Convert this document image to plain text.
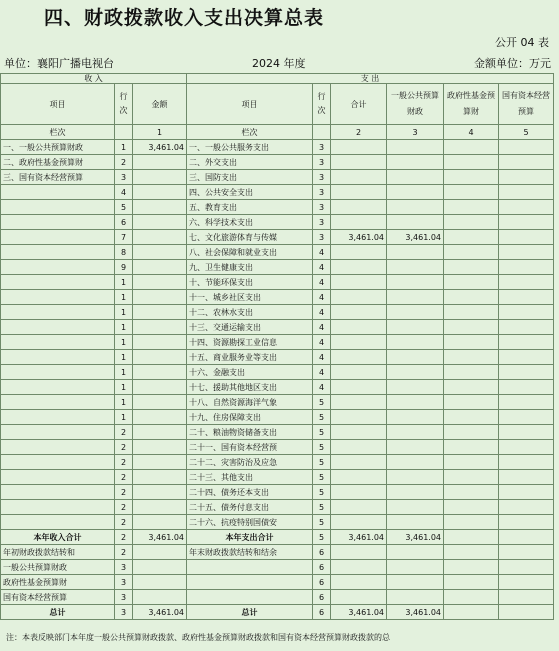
四、财政拨款收入支出决算总表
公开 04 表
单位：襄阳广播电视台	2024 年度	金额单位：万元
收 入			支 出					
项目	行次	金额	项目	行次	合计	一般公共预算财政	政府性基金预算财	国有资本经营预算
栏次		1	栏次		2	3	4	5
一、一般公共预算财政	1	3,461.04	一、一般公共服务支出	3				
二、政府性基金预算财	2		二、外交支出	3				
三、国有资本经营预算	3		三、国防支出	3				
	4		四、公共安全支出	3				
	5		五、教育支出	3				
	6		六、科学技术支出	3				
	7		七、文化旅游体育与传媒	3	3,461.04	3,461.04		
	8		八、社会保障和就业支出	4				
	9		九、卫生健康支出	4				
	1		十、节能环保支出	4				
	1		十一、城乡社区支出	4				
	1		十二、农林水支出	4				
	1		十三、交通运输支出	4				
	1		十四、资源勘探工业信息	4				
	1		十五、商业服务业等支出	4				
	1		十六、金融支出	4				
	1		十七、援助其他地区支出	4				
	1		十八、自然资源海洋气象	5				
	1		十九、住房保障支出	5				
	2		二十、粮油物资储备支出	5				
	2		二十一、国有资本经营预	5				
	2		二十二、灾害防治及应急	5				
	2		二十三、其他支出	5				
	2		二十四、债务还本支出	5				
	2		二十五、债务付息支出	5				
	2		二十六、抗疫特别国债安	5				
本年收入合计	2	3,461.04	本年支出合计	5	3,461.04	3,461.04		
年初财政拨款结转和	2		年末财政拨款结转和结余	6				
一般公共预算财政	3			6				
政府性基金预算财	3			6				
国有资本经营预算	3			6				
总计	3	3,461.04	总计	6	3,461.04	3,461.04		
注：本表反映部门本年度一般公共预算财政拨款、政府性基金预算财政拨款和国有资本经营预算财政拨款的总
